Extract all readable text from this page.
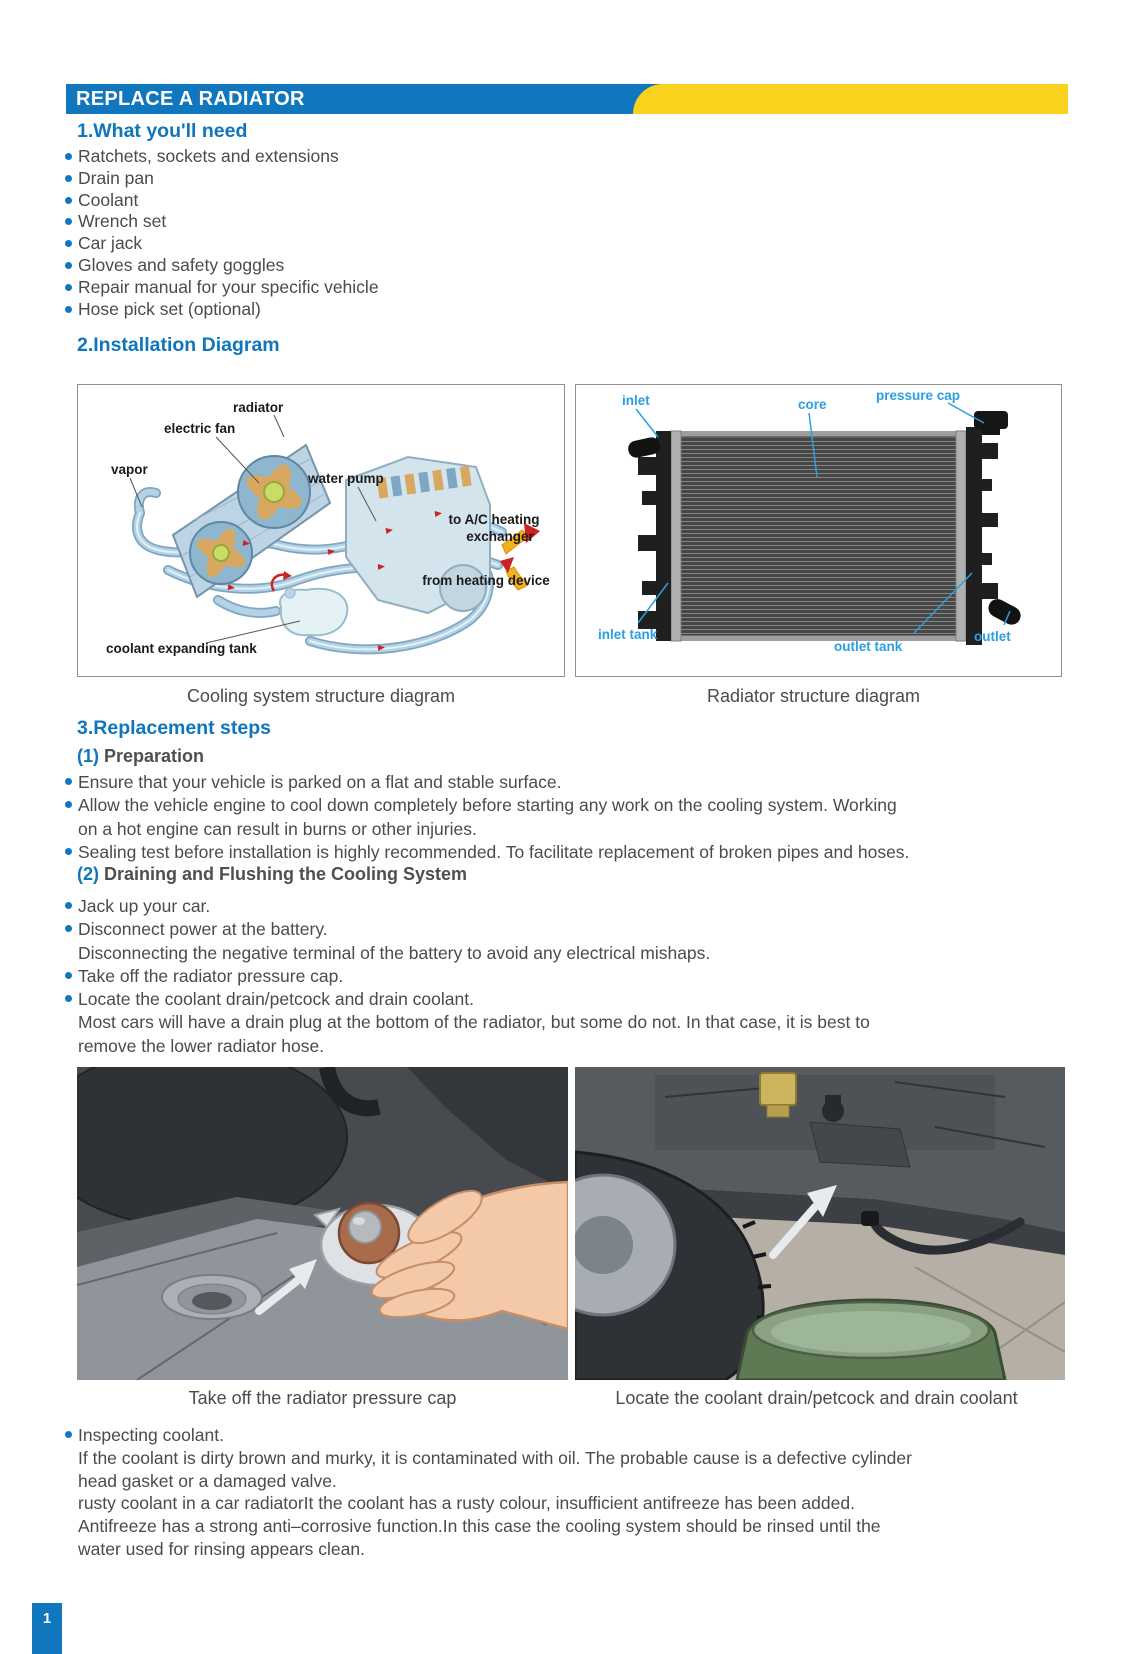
REPLACE A RADIATOR
1.What you'll need
Ratchets, sockets and extensions
Drain pan
Coolant
Wrench set
Car jack
Gloves and safety goggles
Repair manual for your specific vehicle
Hose pick set (optional)
2.Installation Diagram
radiator
electric fan
vapor
water pump
to A/C heating
exchanger
from heating device
coolant expanding tank
inlet	core
pressure cap
inlet tank
outlet tank
outlet
Cooling system structure diagram	Radiator structure diagram
3.Replacement steps
(1) Preparation
Ensure that your vehicle is parked on a flat and stable surface.
Allow the vehicle engine to cool down completely before starting any work on the cooling system. Working
on a hot engine can result in burns or other injuries.
Sealing test before installation is highly recommended. To facilitate replacement of broken pipes and hoses.
(2) Draining and Flushing the Cooling System
Jack up your car.
Disconnect power at the battery.
Disconnecting the negative terminal of the battery to avoid any electrical mishaps.
Take off the radiator pressure cap.
Locate the coolant drain/petcock and drain coolant.
Most cars will have a drain plug at the bottom of the radiator, but some do not. In that case, it is best to
remove the lower radiator hose.
Take off the radiator pressure cap	Locate the coolant drain/petcock and drain coolant
Inspecting coolant.
If the coolant is dirty brown and murky, it is contaminated with oil. The probable cause is a defective cylinder
head gasket or a damaged valve.
rusty coolant in a car radiatorIt the coolant has a rusty colour, insufficient antifreeze has been added.
Antifreeze has a strong anti–corrosive function.In this case the cooling system should be rinsed until the
water used for rinsing appears clean.
1
